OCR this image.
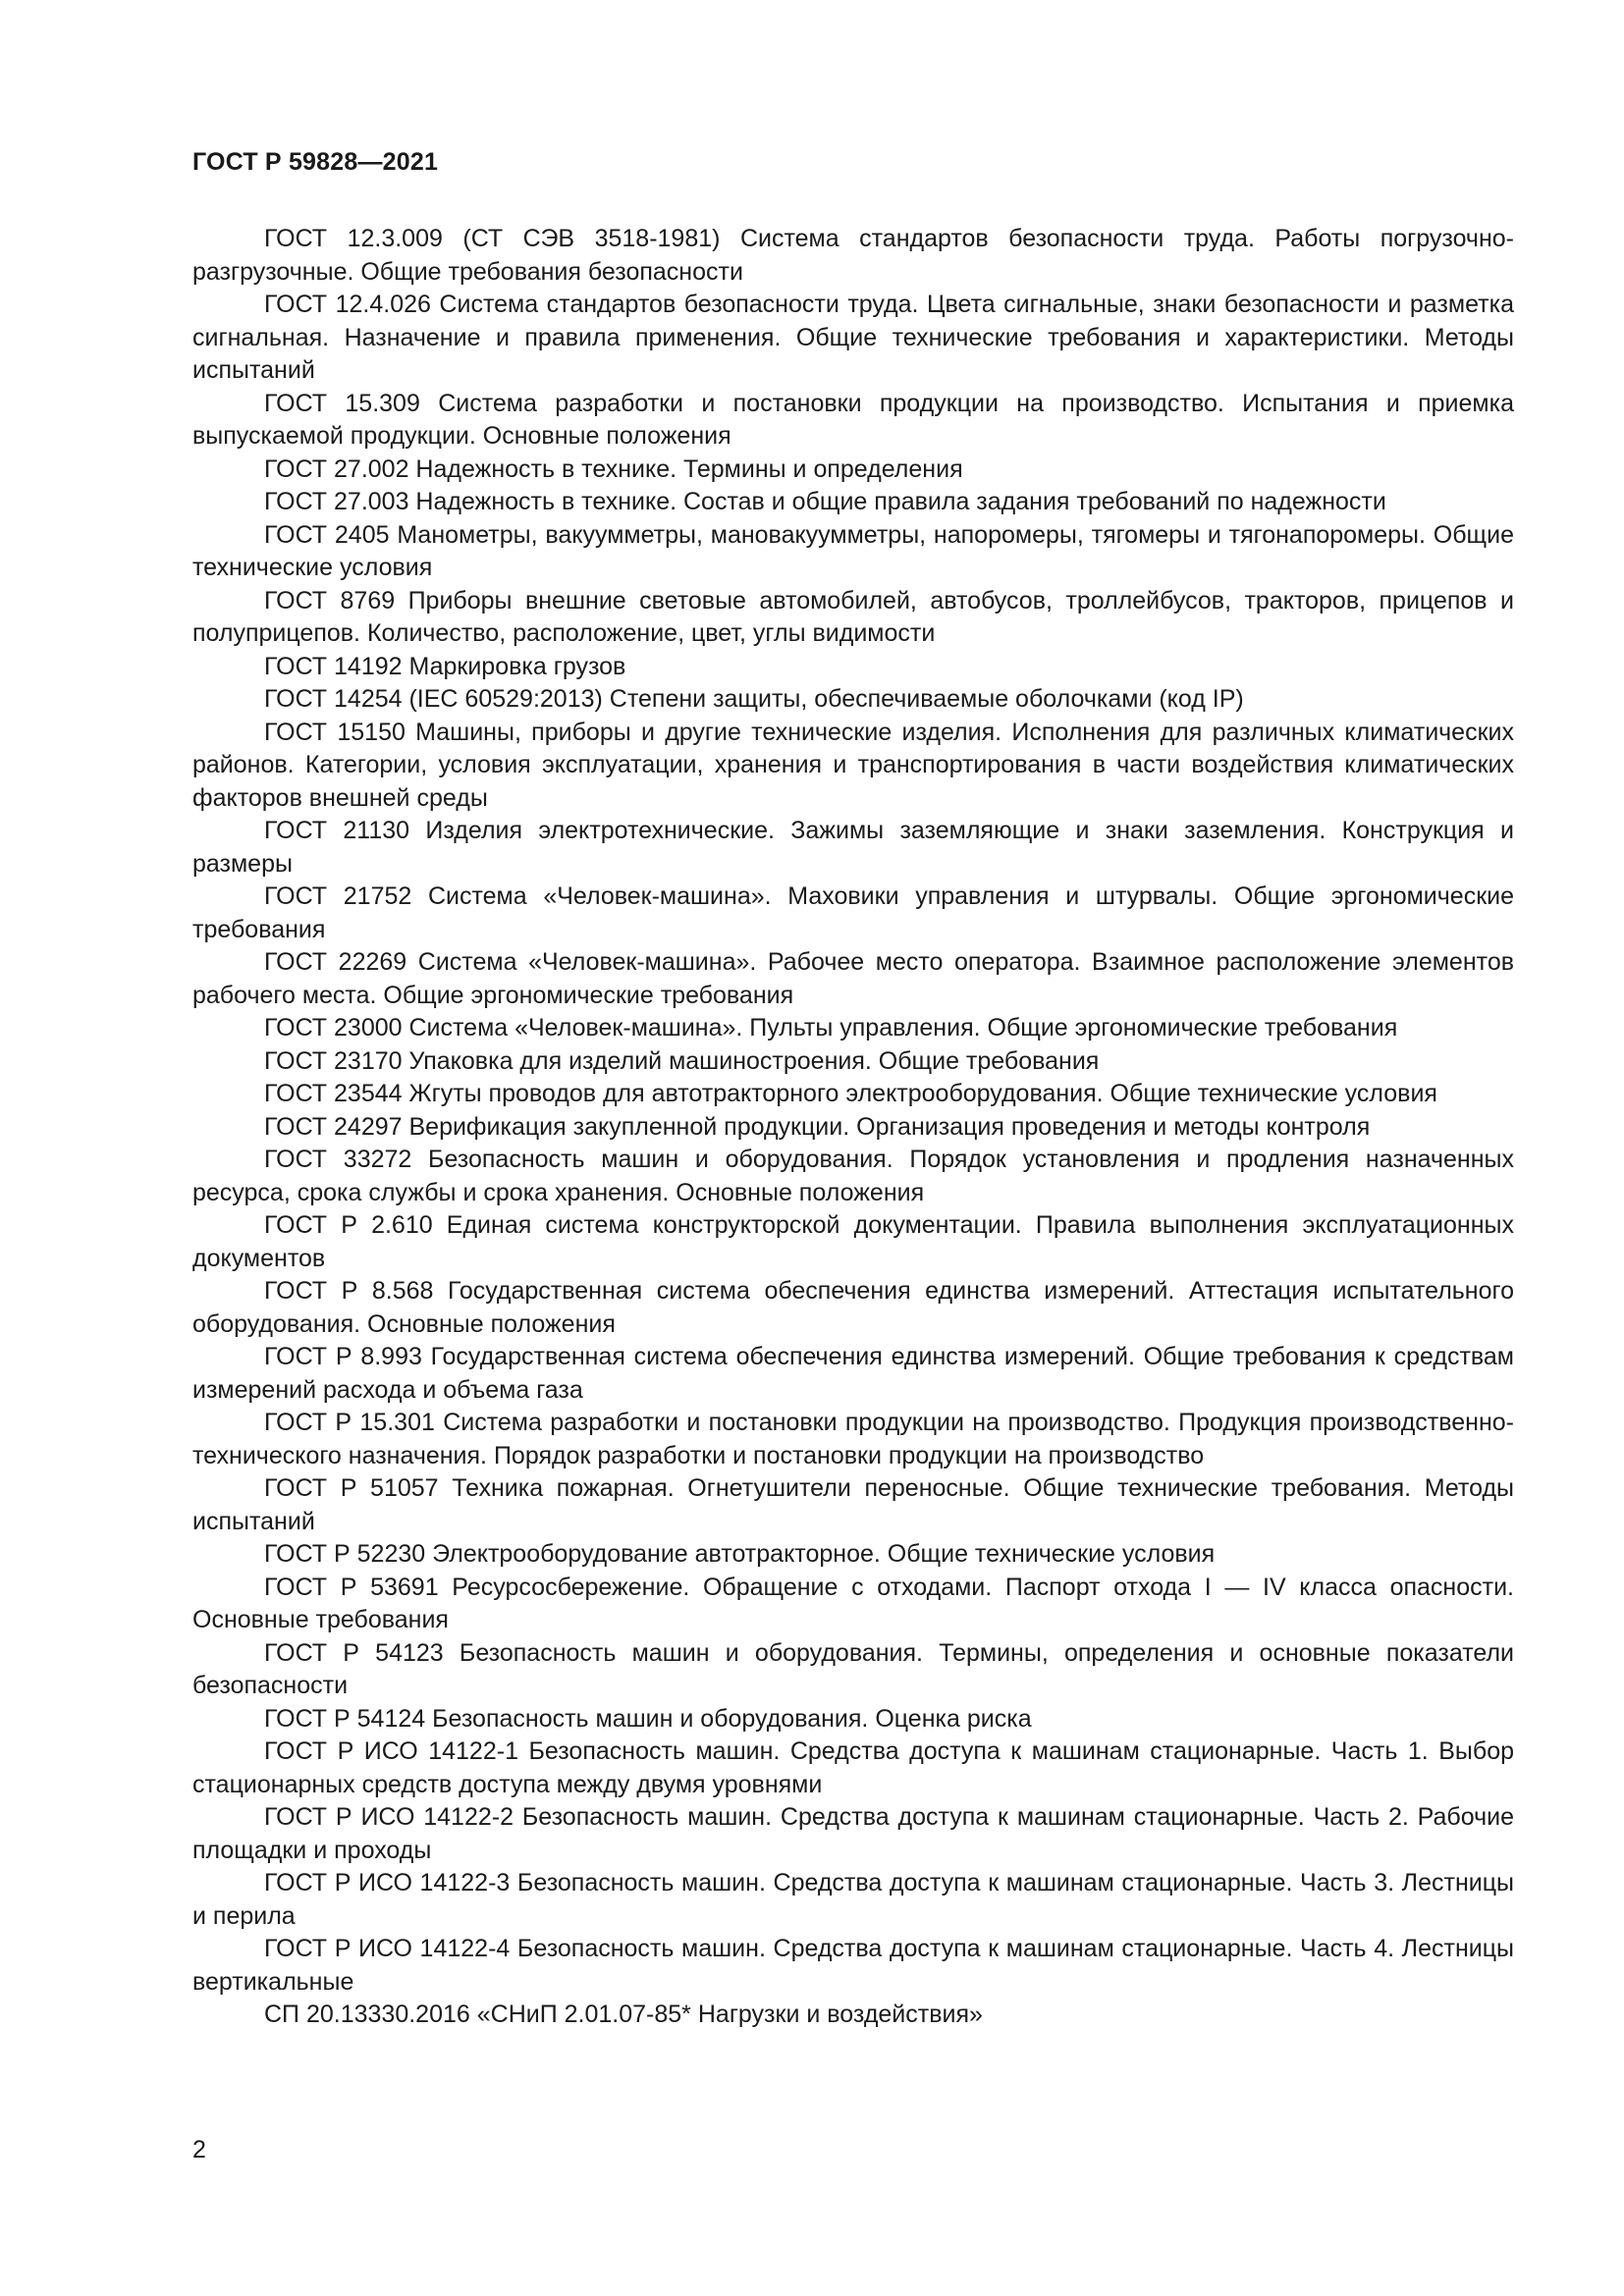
ГОСТ Р 59828—2021
ГОСТ 12.3.009 (СТ СЭВ 3518-1981) Система стандартов безопасности труда. Работы погрузочно-разгрузочные. Общие требования безопасности
ГОСТ 12.4.026 Система стандартов безопасности труда. Цвета сигнальные, знаки безопасности и разметка сигнальная. Назначение и правила применения. Общие технические требования и характеристики. Методы испытаний
ГОСТ 15.309 Система разработки и постановки продукции на производство. Испытания и приемка выпускаемой продукции. Основные положения
ГОСТ 27.002 Надежность в технике. Термины и определения
ГОСТ 27.003 Надежность в технике. Состав и общие правила задания требований по надежности
ГОСТ 2405 Манометры, вакуумметры, мановакуумметры, напоромеры, тягомеры и тягонапоромеры. Общие технические условия
ГОСТ 8769 Приборы внешние световые автомобилей, автобусов, троллейбусов, тракторов, прицепов и полуприцепов. Количество, расположение, цвет, углы видимости
ГОСТ 14192 Маркировка грузов
ГОСТ 14254 (IEC 60529:2013) Степени защиты, обеспечиваемые оболочками (код IP)
ГОСТ 15150 Машины, приборы и другие технические изделия. Исполнения для различных климатических районов. Категории, условия эксплуатации, хранения и транспортирования в части воздействия климатических факторов внешней среды
ГОСТ 21130 Изделия электротехнические. Зажимы заземляющие и знаки заземления. Конструкция и размеры
ГОСТ 21752 Система «Человек-машина». Маховики управления и штурвалы. Общие эргономические требования
ГОСТ 22269 Система «Человек-машина». Рабочее место оператора. Взаимное расположение элементов рабочего места. Общие эргономические требования
ГОСТ 23000 Система «Человек-машина». Пульты управления. Общие эргономические требования
ГОСТ 23170 Упаковка для изделий машиностроения. Общие требования
ГОСТ 23544 Жгуты проводов для автотракторного электрооборудования. Общие технические условия
ГОСТ 24297 Верификация закупленной продукции. Организация проведения и методы контроля
ГОСТ 33272 Безопасность машин и оборудования. Порядок установления и продления назначенных ресурса, срока службы и срока хранения. Основные положения
ГОСТ Р 2.610 Единая система конструкторской документации. Правила выполнения эксплуатационных документов
ГОСТ Р 8.568 Государственная система обеспечения единства измерений. Аттестация испытательного оборудования. Основные положения
ГОСТ Р 8.993 Государственная система обеспечения единства измерений. Общие требования к средствам измерений расхода и объема газа
ГОСТ Р 15.301 Система разработки и постановки продукции на производство. Продукция производственно-технического назначения. Порядок разработки и постановки продукции на производство
ГОСТ Р 51057 Техника пожарная. Огнетушители переносные. Общие технические требования. Методы испытаний
ГОСТ Р 52230 Электрооборудование автотракторное. Общие технические условия
ГОСТ Р 53691 Ресурсосбережение. Обращение с отходами. Паспорт отхода I — IV класса опасности. Основные требования
ГОСТ Р 54123 Безопасность машин и оборудования. Термины, определения и основные показатели безопасности
ГОСТ Р 54124 Безопасность машин и оборудования. Оценка риска
ГОСТ Р ИСО 14122-1 Безопасность машин. Средства доступа к машинам стационарные. Часть 1. Выбор стационарных средств доступа между двумя уровнями
ГОСТ Р ИСО 14122-2 Безопасность машин. Средства доступа к машинам стационарные. Часть 2. Рабочие площадки и проходы
ГОСТ Р ИСО 14122-3 Безопасность машин. Средства доступа к машинам стационарные. Часть 3. Лестницы и перила
ГОСТ Р ИСО 14122-4 Безопасность машин. Средства доступа к машинам стационарные. Часть 4. Лестницы вертикальные
СП 20.13330.2016 «СНиП 2.01.07-85* Нагрузки и воздействия»

2
